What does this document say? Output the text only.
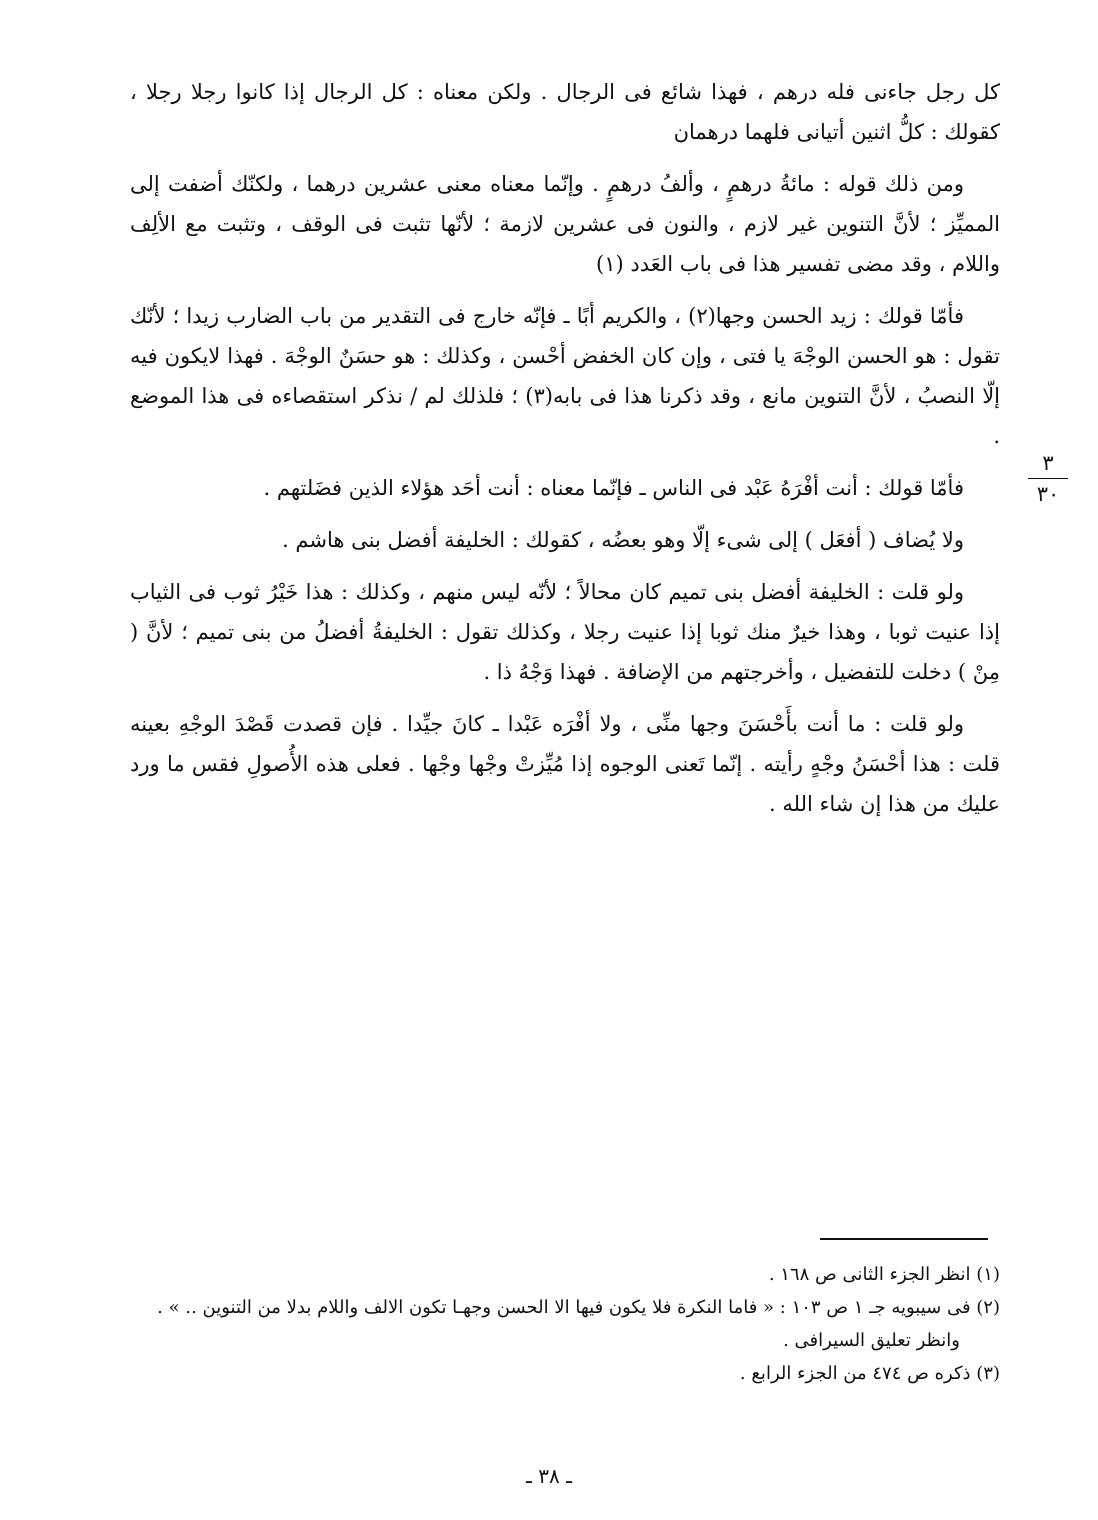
كل رجل جاءنى فله درهم ، فهذا شائع فى الرجال . ولكن معناه : كل الرجال إذا كانوا رجلا رجلا ، كقولك : كلُّ اثنين أتيانى فلهما درهمان

ومن ذلك قوله : مائةُ درهمٍ ، وألفُ درهمٍ . وإنّما معناه معنى عشرين درهما ، ولكنّك أضفت إلى المميِّز ؛ لأنَّ التنوين غير لازم ، والنون فى عشرين لازمة ؛ لأنّها تثبت فى الوقف ، وتثبت مع الألِف واللام ، وقد مضى تفسير هذا فى باب العَدد (١)

فأمّا قولك : زيد الحسن وجها(٢) ، والكريم أبًا ـ فإنّه خارج فى التقدير من باب الضارب زيدا ؛ لأنّك تقول : هو الحسن الوجْهَ يا فتى ، وإن كان الخفض أحْسن ، وكذلك : هو حسَنٌ الوجْهَ . فهذا لايكون فيه إلّا النصبُ ، لأنَّ التنوين مانع ، وقد ذكرنا هذا فى بابه(٣) ؛ فلذلك لم / نذكر استقصاءه فى هذا الموضع .

فأمّا قولك : أنت أفْرَهُ عَبْد فى الناس ـ فإنّما معناه : أنت أحَد هؤلاء الذين فضَلتهم .

ولا يُضاف ( أفعَل ) إلى شىء إلّا وهو بعضُه ، كقولك : الخليفة أفضل بنى هاشم .

ولو قلت : الخليفة أفضل بنى تميم كان محالاً ؛ لأنّه ليس منهم ، وكذلك : هذا خَيْرُ ثوب فى الثياب إذا عنيت ثوبا ، وهذا خيرٌ منك ثوبا إذا عنيت رجلا ، وكذلك تقول : الخليفةُ أفضلُ من بنى تميم ؛ لأنَّ ( مِنْ ) دخلت للتفضيل ، وأخرجتهم من الإضافة . فهذا وَجْهُ ذا .

ولو قلت : ما أنت بأَحْسَنَ وجها منِّى ، ولا أفْرَه عَبْدا ـ كانَ جيِّدا . فإن قصدت قَصْدَ الوجْهِ بعينه قلت : هذا أحْسَنُ وجْهٍ رأيته . إنّما تَعنى الوجوه إذا مُيِّزتْ وجْها وجْها . فعلى هذه الأُصولِ فقس ما ورد عليك من هذا إن شاء الله .

٣
٣٠
(١) انظر الجزء الثانى ص ١٦٨ .
(٢) فى سيبويه جـ ١ ص ١٠٣ : « فاما النكرة فلا يكون فيها الا الحسن وجهـا تكون الالف واللام بدلا من التنوين .. » .
وانظر تعليق السيرافى .
(٣) ذكره ص ٤٧٤ من الجزء الرابع .
ـ ٣٨ ـ
